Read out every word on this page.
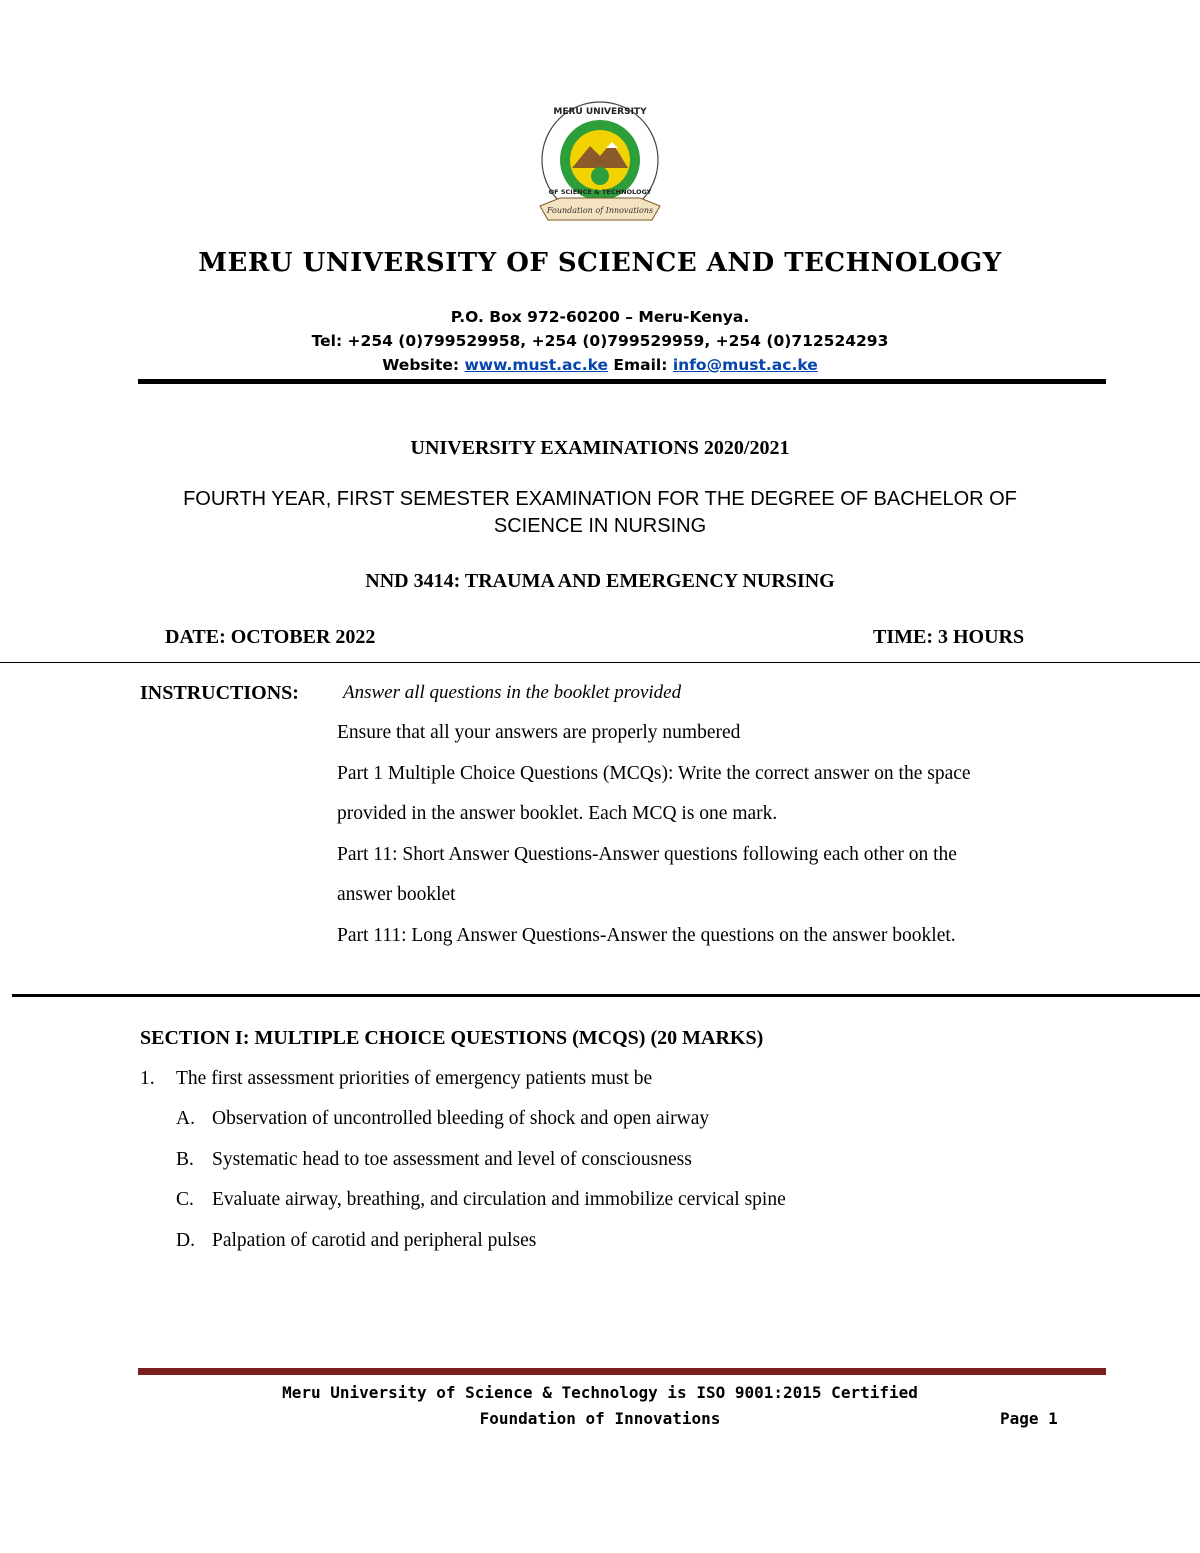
Foundation of Innovations
MERU UNIVERSITY
OF SCIENCE & TECHNOLOGY
MERU UNIVERSITY OF SCIENCE AND TECHNOLOGY
P.O. Box 972-60200 – Meru-Kenya.
Tel: +254 (0)799529958, +254 (0)799529959, +254 (0)712524293
Website: www.must.ac.ke Email: info@must.ac.ke
UNIVERSITY EXAMINATIONS 2020/2021
FOURTH YEAR, FIRST SEMESTER EXAMINATION FOR THE DEGREE OF BACHELOR OF
SCIENCE IN NURSING
NND 3414: TRAUMA AND EMERGENCY NURSING
DATE: OCTOBER 2022	TIME: 3 HOURS
INSTRUCTIONS: Answer all questions in the booklet provided
Ensure that all your answers are properly numbered
Part 1 Multiple Choice Questions (MCQs): Write the correct answer on the space
provided in the answer booklet. Each MCQ is one mark.
Part 11: Short Answer Questions-Answer questions following each other on the
answer booklet
Part 111: Long Answer Questions-Answer the questions on the answer booklet.
SECTION I: MULTIPLE CHOICE QUESTIONS (MCQS) (20 MARKS)
1. The first assessment priorities of emergency patients must be
A. Observation of uncontrolled bleeding of shock and open airway
B. Systematic head to toe assessment and level of consciousness
C. Evaluate airway, breathing, and circulation and immobilize cervical spine
D. Palpation of carotid and peripheral pulses
Meru University of Science & Technology is ISO 9001:2015 Certified
Foundation of Innovations	Page 1
